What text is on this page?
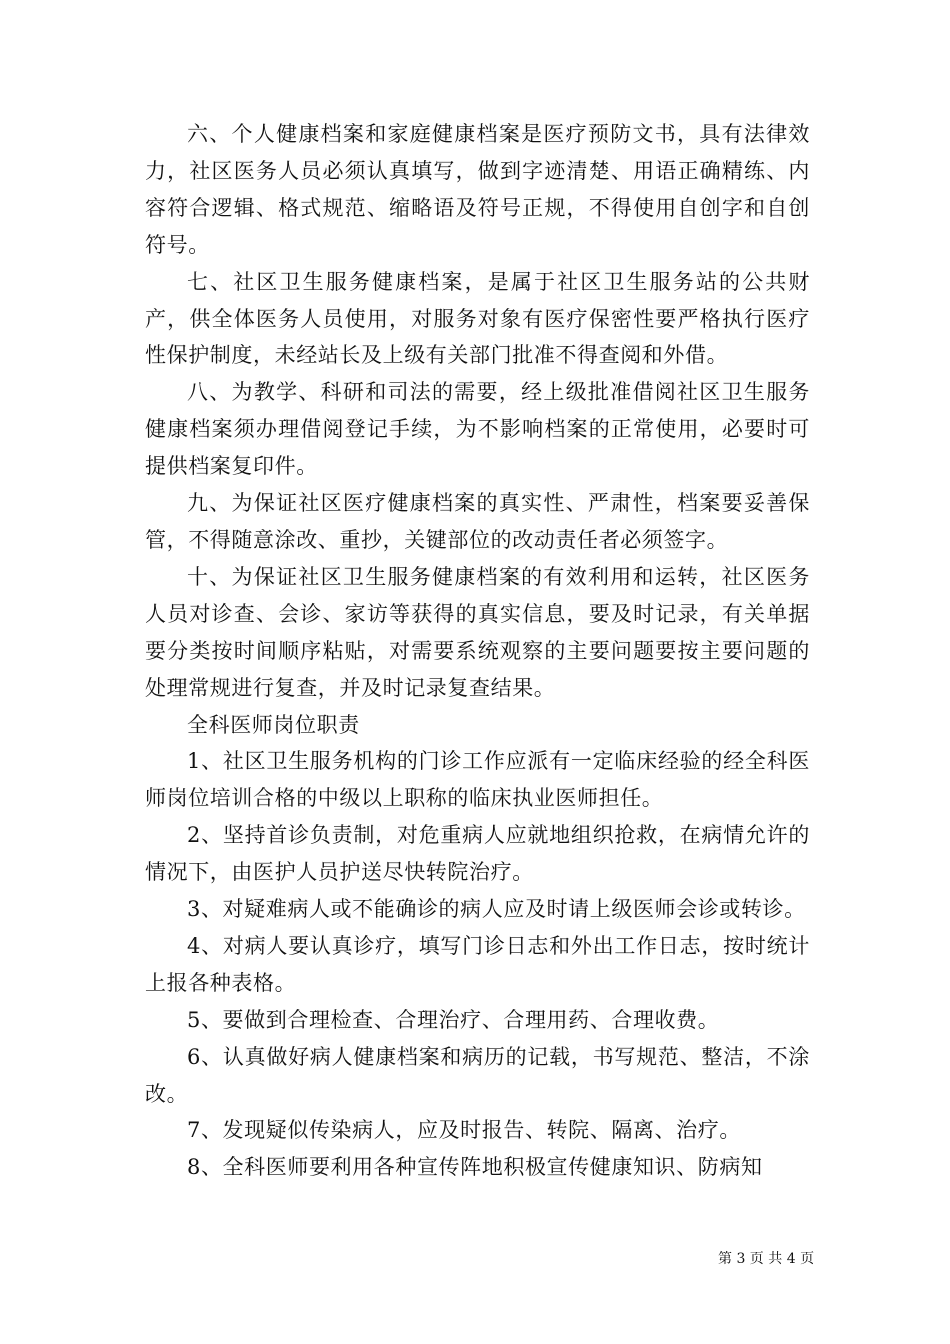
六、个人健康档案和家庭健康档案是医疗预防文书，具有法律效力，社区医务人员必须认真填写，做到字迹清楚、用语正确精练、内容符合逻辑、格式规范、缩略语及符号正规，不得使用自创字和自创符号。

七、社区卫生服务健康档案，是属于社区卫生服务站的公共财产，供全体医务人员使用，对服务对象有医疗保密性要严格执行医疗性保护制度，未经站长及上级有关部门批准不得查阅和外借。

八、为教学、科研和司法的需要，经上级批准借阅社区卫生服务健康档案须办理借阅登记手续，为不影响档案的正常使用，必要时可提供档案复印件。

九、为保证社区医疗健康档案的真实性、严肃性，档案要妥善保管，不得随意涂改、重抄，关键部位的改动责任者必须签字。

十、为保证社区卫生服务健康档案的有效利用和运转，社区医务人员对诊查、会诊、家访等获得的真实信息，要及时记录，有关单据要分类按时间顺序粘贴，对需要系统观察的主要问题要按主要问题的处理常规进行复查，并及时记录复查结果。

全科医师岗位职责

1、社区卫生服务机构的门诊工作应派有一定临床经验的经全科医师岗位培训合格的中级以上职称的临床执业医师担任。

2、坚持首诊负责制，对危重病人应就地组织抢救，在病情允许的情况下，由医护人员护送尽快转院治疗。

3、对疑难病人或不能确诊的病人应及时请上级医师会诊或转诊。

4、对病人要认真诊疗，填写门诊日志和外出工作日志，按时统计上报各种表格。

5、要做到合理检查、合理治疗、合理用药、合理收费。

6、认真做好病人健康档案和病历的记载，书写规范、整洁，不涂改。

7、发现疑似传染病人，应及时报告、转院、隔离、治疗。

8、全科医师要利用各种宣传阵地积极宣传健康知识、防病知

第 3 页 共 4 页
